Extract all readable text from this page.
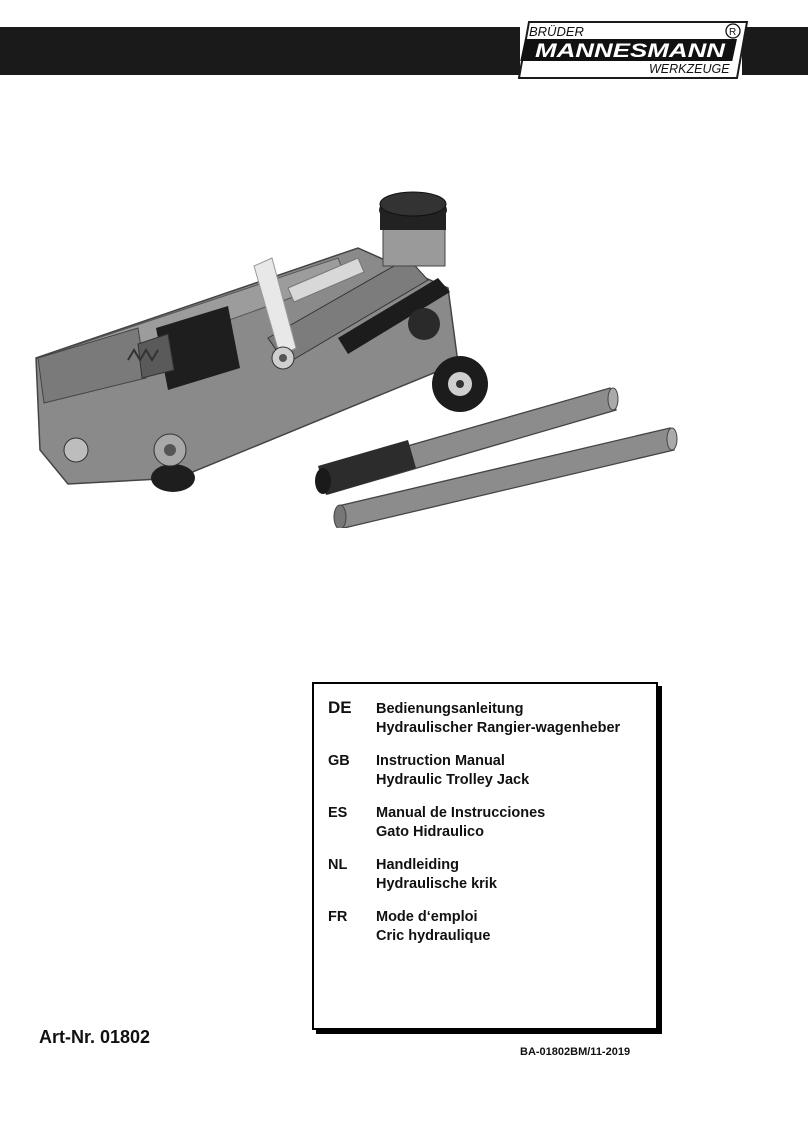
BRÜDER
MANNESMANN
WERKZEUGE
R
DE	Bedienungsanleitung
Hydraulischer Rangier-wagenheber
GB	Instruction Manual
Hydraulic Trolley Jack
ES	Manual de Instrucciones
Gato Hidraulico
NL	Handleiding
Hydraulische krik
FR	Mode d‘emploi
Cric hydraulique
Art-Nr. 01802
BA-01802BM/11-2019
